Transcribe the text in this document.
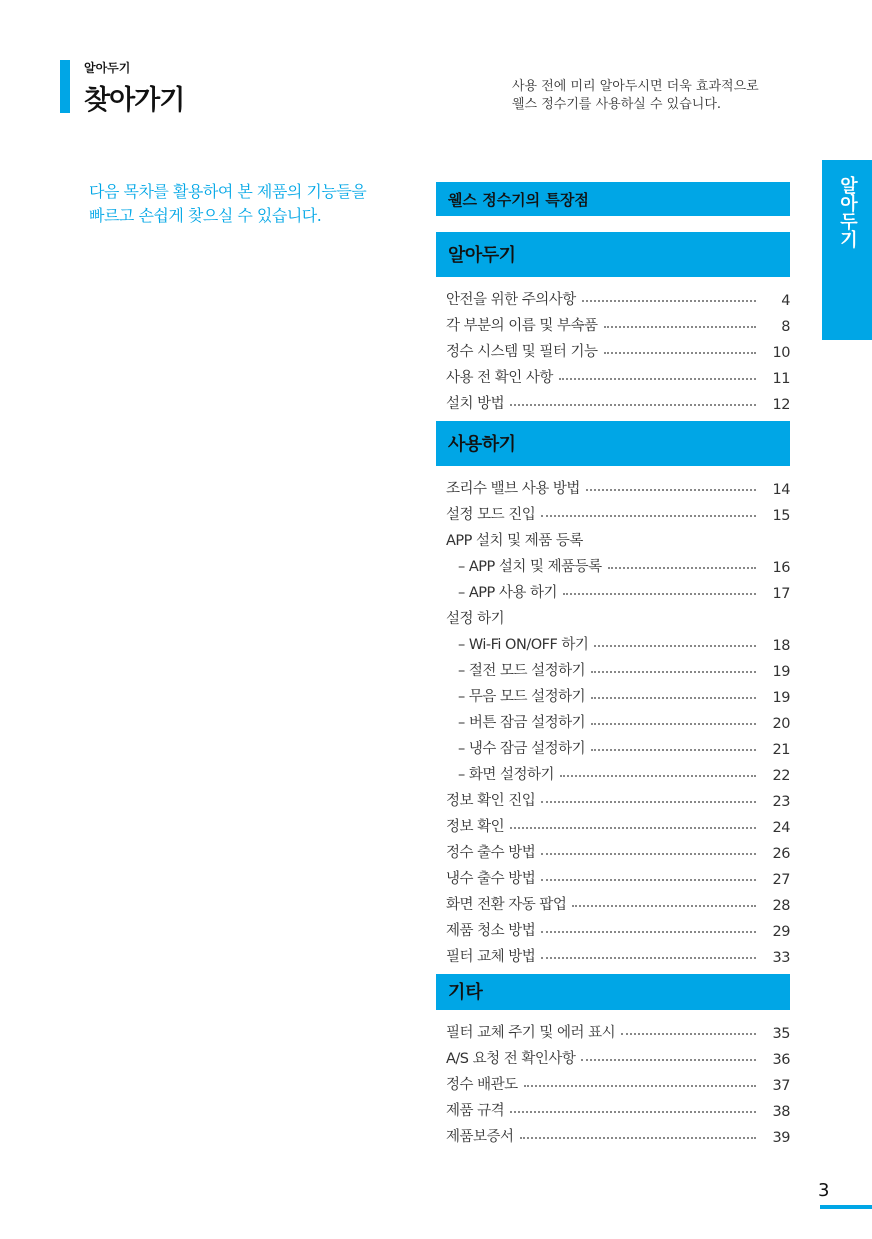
알아두기
찾아가기	사용 전에 미리 알아두시면 더욱 효과적으로
웰스 정수기를 사용하실 수 있습니다.
다음 목차를 활용하여 본 제품의 기능들을
빠르고 손쉽게 찾으실 수 있습니다.	알아두기
웰스 정수기의 특장점
알아두기
안전을 위한 주의사항	4
각 부분의 이름 및 부속품	8
정수 시스템 및 필터 기능	10
사용 전 확인 사항	11
설치 방법	12
사용하기
조리수 밸브 사용 방법	14
설정 모드 진입	15
APP 설치 및 제품 등록
– APP 설치 및 제품등록	16
– APP 사용 하기	17
설정 하기
– Wi-Fi ON/OFF 하기	18
– 절전 모드 설정하기	19
– 무음 모드 설정하기	19
– 버튼 잠금 설정하기	20
– 냉수 잠금 설정하기	21
– 화면 설정하기	22
정보 확인 진입	23
정보 확인	24
정수 출수 방법	26
냉수 출수 방법	27
화면 전환 자동 팝업	28
제품 청소 방법	29
필터 교체 방법	33
기타
필터 교체 주기 및 에러 표시	35
A/S 요청 전 확인사항	36
정수 배관도	37
제품 규격	38
제품보증서	39
3
